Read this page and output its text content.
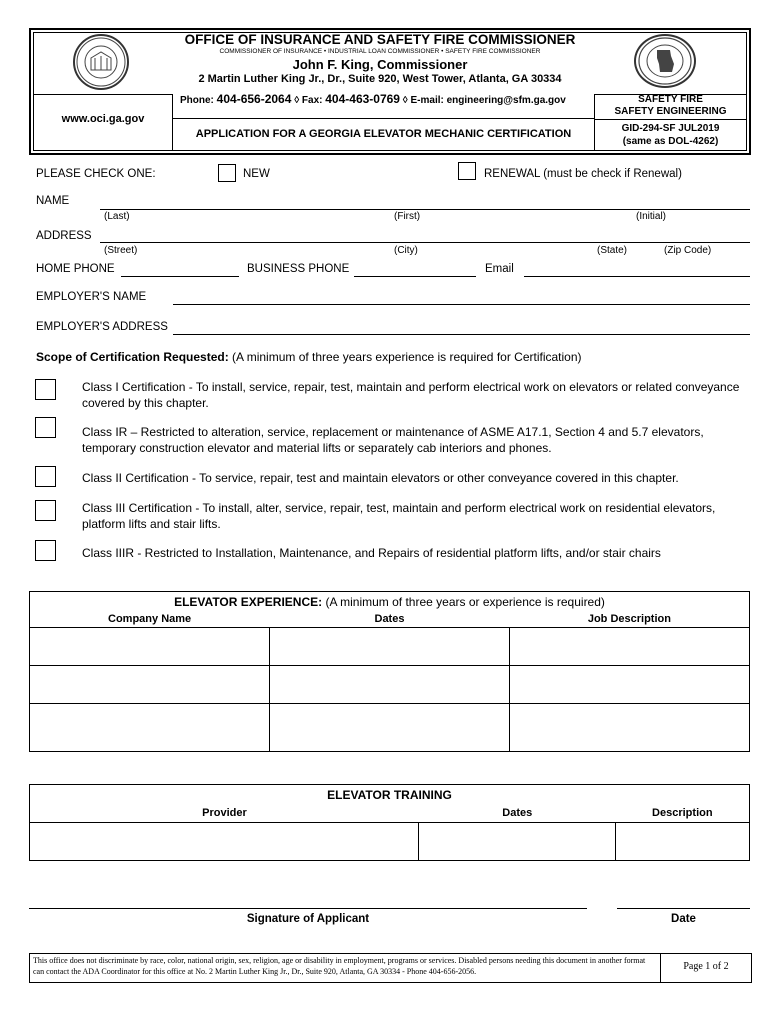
OFFICE OF INSURANCE AND SAFETY FIRE COMMISSIONER
COMMISSIONER OF INSURANCE • INDUSTRIAL LOAN COMMISSIONER • SAFETY FIRE COMMISSIONER
John F. King, Commissioner
2 Martin Luther King Jr., Dr., Suite 920, West Tower, Atlanta, GA 30334
Phone: 404-656-2064 ◊ Fax: 404-463-0769 ◊ E-mail: engineering@sfm.ga.gov
www.oci.ga.gov
APPLICATION FOR A GEORGIA ELEVATOR MECHANIC CERTIFICATION
SAFETY FIRE
SAFETY ENGINEERING
GID-294-SF JUL2019
(same as DOL-4262)
PLEASE CHECK ONE:	NEW	RENEWAL (must be check if Renewal)
NAME
(Last)	(First)	(Initial)
ADDRESS
(Street)	(City)	(State)	(Zip Code)
HOME PHONE	BUSINESS PHONE	Email
EMPLOYER'S NAME
EMPLOYER'S ADDRESS
Scope of Certification Requested: (A minimum of three years experience is required for Certification)
Class I Certification - To install, service, repair, test, maintain and perform electrical work on elevators or related conveyance covered by this chapter.
Class IR – Restricted to alteration, service, replacement or maintenance of ASME A17.1, Section 4 and 5.7 elevators, temporary construction elevator and material lifts or separately cab interiors and phones.
Class II Certification - To service, repair, test and maintain elevators or other conveyance covered in this chapter.
Class III Certification - To install, alter, service, repair, test, maintain and perform electrical work on residential elevators, platform lifts and stair lifts.
Class IIIR - Restricted to Installation, Maintenance, and Repairs of residential platform lifts, and/or stair chairs
ELEVATOR EXPERIENCE: (A minimum of three years or experience is required)		
Company Name	Dates	Job Description

ELEVATOR TRAINING		
Provider	Dates	Description

Signature of Applicant	Date
This office does not discriminate by race, color, national origin, sex, religion, age or disability in employment, programs or services. Disabled persons needing this document in another format can contact the ADA Coordinator for this office at No. 2 Martin Luther King Jr., Dr., Suite 920, Atlanta, GA 30334 - Phone 404-656-2056.	Page 1 of 2
